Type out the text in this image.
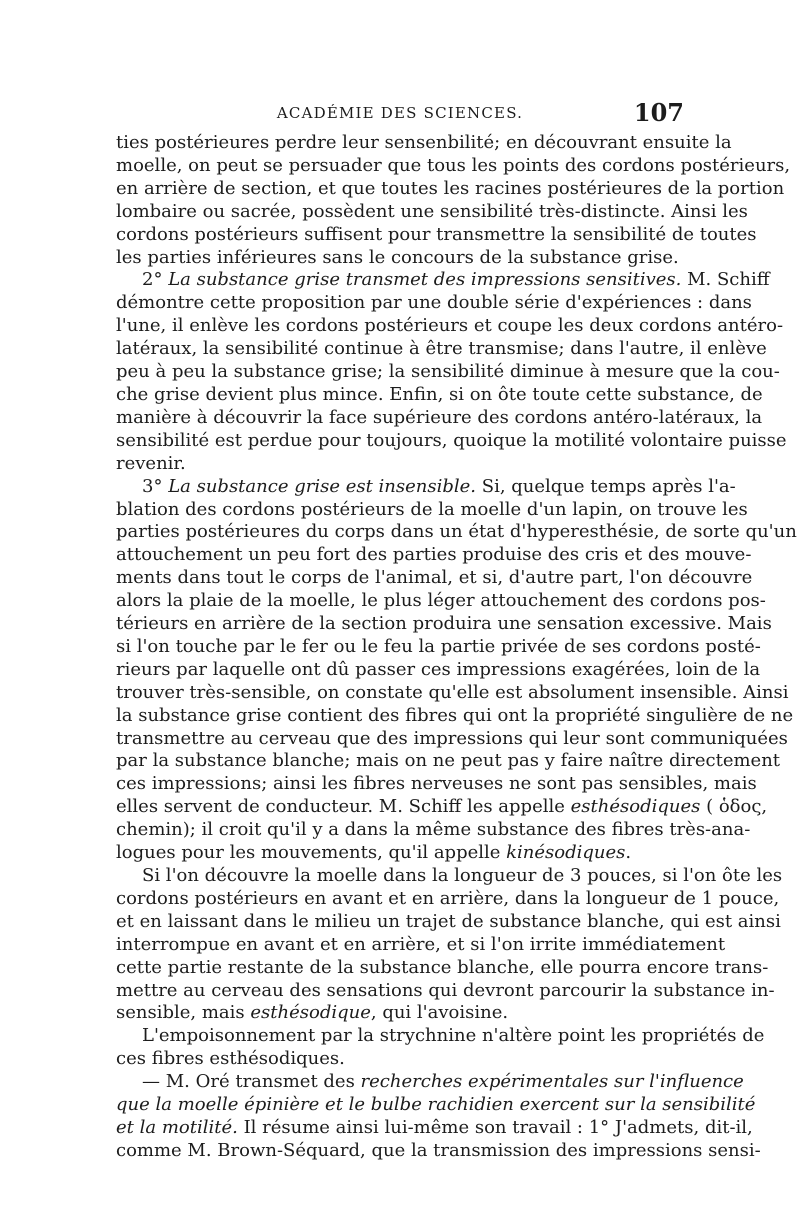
ACADÉMIE DES SCIENCES.	107

ties postérieures perdre leur sensenbilité; en découvrant ensuite la

moelle, on peut se persuader que tous les points des cordons postérieurs,

en arrière de section, et que toutes les racines postérieures de la portion

lombaire ou sacrée, possèdent une sensibilité très-distincte. Ainsi les

cordons postérieurs suffisent pour transmettre la sensibilité de toutes

les parties inférieures sans le concours de la substance grise.

2° La substance grise transmet des impressions sensitives. M. Schiff

démontre cette proposition par une double série d'expériences : dans

l'une, il enlève les cordons postérieurs et coupe les deux cordons antéro-

latéraux, la sensibilité continue à être transmise; dans l'autre, il enlève

peu à peu la substance grise; la sensibilité diminue à mesure que la cou-

che grise devient plus mince. Enfin, si on ôte toute cette substance, de

manière à découvrir la face supérieure des cordons antéro-latéraux, la

sensibilité est perdue pour toujours, quoique la motilité volontaire puisse

revenir.

3° La substance grise est insensible. Si, quelque temps après l'a-

blation des cordons postérieurs de la moelle d'un lapin, on trouve les

parties postérieures du corps dans un état d'hyperesthésie, de sorte qu'un

attouchement un peu fort des parties produise des cris et des mouve-

ments dans tout le corps de l'animal, et si, d'autre part, l'on découvre

alors la plaie de la moelle, le plus léger attouchement des cordons pos-

térieurs en arrière de la section produira une sensation excessive. Mais

si l'on touche par le fer ou le feu la partie privée de ses cordons posté-

rieurs par laquelle ont dû passer ces impressions exagérées, loin de la

trouver très-sensible, on constate qu'elle est absolument insensible. Ainsi

la substance grise contient des fibres qui ont la propriété singulière de ne

transmettre au cerveau que des impressions qui leur sont communiquées

par la substance blanche; mais on ne peut pas y faire naître directement

ces impressions; ainsi les fibres nerveuses ne sont pas sensibles, mais

elles servent de conducteur. M. Schiff les appelle esthésodiques ( ὁδος,

chemin); il croit qu'il y a dans la même substance des fibres très-ana-

logues pour les mouvements, qu'il appelle kinésodiques.

Si l'on découvre la moelle dans la longueur de 3 pouces, si l'on ôte les

cordons postérieurs en avant et en arrière, dans la longueur de 1 pouce,

et en laissant dans le milieu un trajet de substance blanche, qui est ainsi

interrompue en avant et en arrière, et si l'on irrite immédiatement

cette partie restante de la substance blanche, elle pourra encore trans-

mettre au cerveau des sensations qui devront parcourir la substance in-

sensible, mais esthésodique, qui l'avoisine.

L'empoisonnement par la strychnine n'altère point les propriétés de

ces fibres esthésodiques.

— M. Oré transmet des recherches expérimentales sur l'influence

que la moelle épinière et le bulbe rachidien exercent sur la sensibilité

et la motilité. Il résume ainsi lui-même son travail : 1° J'admets, dit-il,

comme M. Brown-Séquard, que la transmission des impressions sensi-
